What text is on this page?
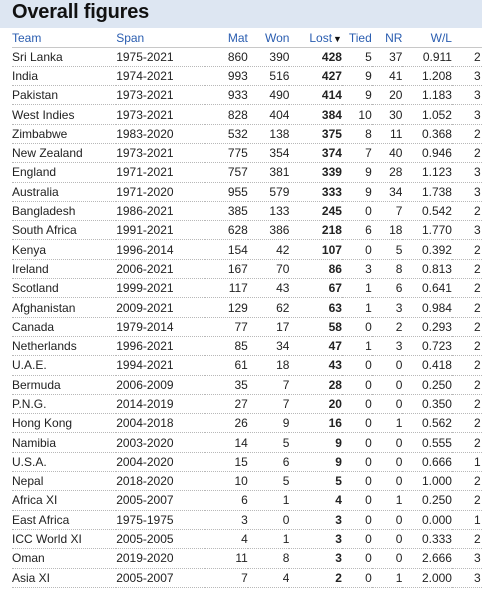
Overall figures
Team	Span	Mat	Won	Lost▼	Tied	NR	W/L	
Sri Lanka	1975-2021	860	390	428	5	37	0.911	2
India	1974-2021	993	516	427	9	41	1.208	3
Pakistan	1973-2021	933	490	414	9	20	1.183	3
West Indies	1973-2021	828	404	384	10	30	1.052	3
Zimbabwe	1983-2020	532	138	375	8	11	0.368	2
New Zealand	1973-2021	775	354	374	7	40	0.946	2
England	1971-2021	757	381	339	9	28	1.123	3
Australia	1971-2020	955	579	333	9	34	1.738	3
Bangladesh	1986-2021	385	133	245	0	7	0.542	2
South Africa	1991-2021	628	386	218	6	18	1.770	3
Kenya	1996-2014	154	42	107	0	5	0.392	2
Ireland	2006-2021	167	70	86	3	8	0.813	2
Scotland	1999-2021	117	43	67	1	6	0.641	2
Afghanistan	2009-2021	129	62	63	1	3	0.984	2
Canada	1979-2014	77	17	58	0	2	0.293	2
Netherlands	1996-2021	85	34	47	1	3	0.723	2
U.A.E.	1994-2021	61	18	43	0	0	0.418	2
Bermuda	2006-2009	35	7	28	0	0	0.250	2
P.N.G.	2014-2019	27	7	20	0	0	0.350	2
Hong Kong	2004-2018	26	9	16	0	1	0.562	2
Namibia	2003-2020	14	5	9	0	0	0.555	2
U.S.A.	2004-2020	15	6	9	0	0	0.666	1
Nepal	2018-2020	10	5	5	0	0	1.000	2
Africa XI	2005-2007	6	1	4	0	1	0.250	2
East Africa	1975-1975	3	0	3	0	0	0.000	1
ICC World XI	2005-2005	4	1	3	0	0	0.333	2
Oman	2019-2020	11	8	3	0	0	2.666	3
Asia XI	2005-2007	7	4	2	0	1	2.000	3
